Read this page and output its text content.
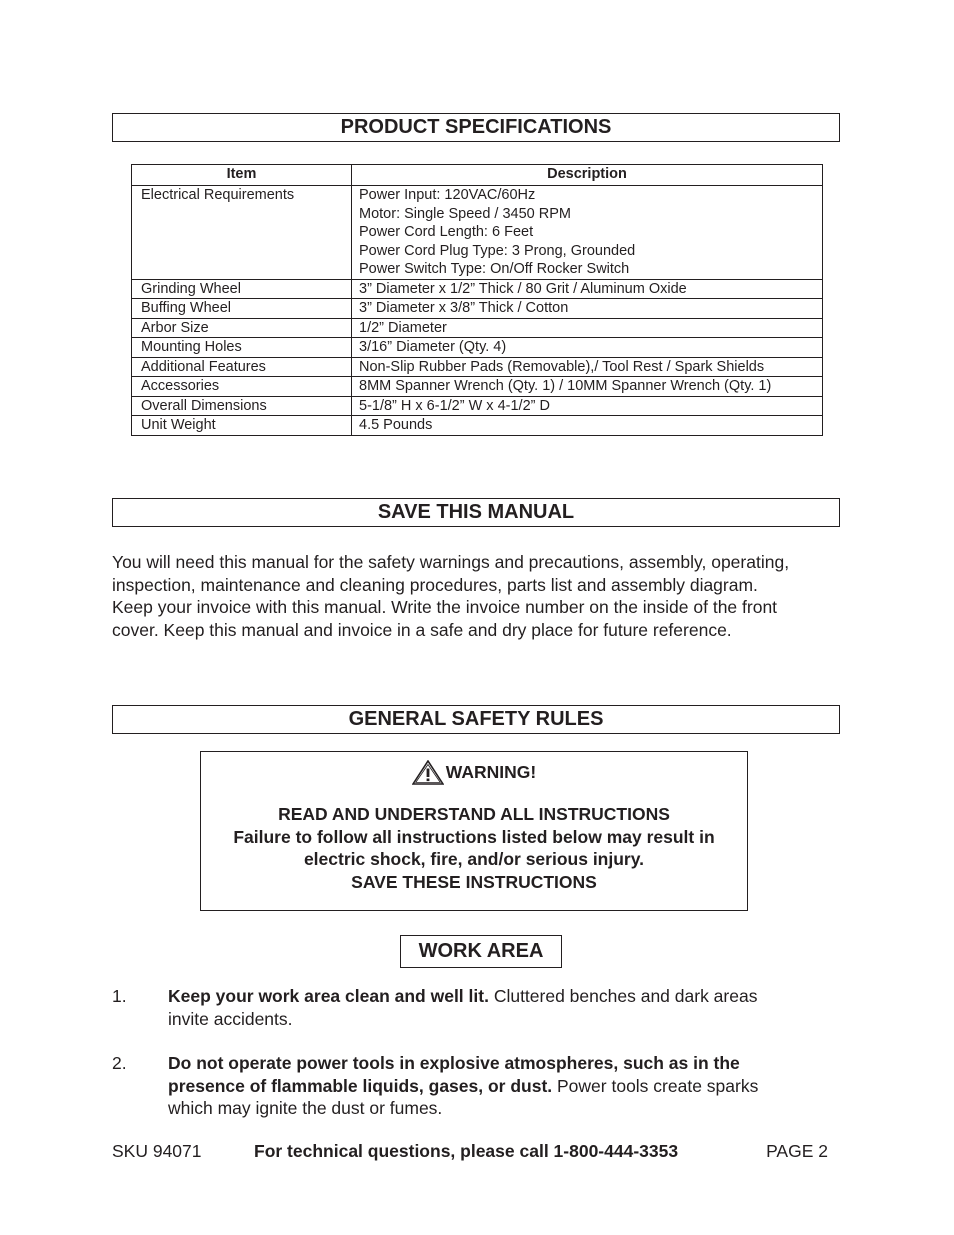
PRODUCT SPECIFICATIONS
Item	Description
Electrical Requirements	Power Input: 120VAC/60Hz
Motor: Single Speed / 3450 RPM
Power Cord Length: 6 Feet
Power Cord Plug Type: 3 Prong, Grounded
Power Switch Type: On/Off Rocker Switch

Grinding Wheel	3” Diameter x 1/2” Thick / 80 Grit / Aluminum Oxide

Buffing Wheel	3” Diameter x 3/8” Thick / Cotton

Arbor Size	1/2” Diameter

Mounting Holes	3/16” Diameter (Qty. 4)

Additional Features	Non-Slip Rubber Pads (Removable),/ Tool Rest / Spark Shields

Accessories	8MM Spanner Wrench (Qty. 1) / 10MM Spanner Wrench (Qty. 1)

Overall Dimensions	5-1/8” H x 6-1/2” W x 4-1/2” D

Unit Weight	4.5 Pounds
SAVE THIS MANUAL
You will need this manual for the safety warnings and precautions, assembly, operating,
inspection, maintenance and cleaning procedures, parts list and assembly diagram.
Keep your invoice with this manual. Write the invoice number on the inside of the front
cover. Keep this manual and invoice in a safe and dry place for future reference.
GENERAL SAFETY RULES
WARNING!
READ AND UNDERSTAND ALL INSTRUCTIONS
Failure to follow all instructions listed below may result in
electric shock, fire, and/or serious injury.
SAVE THESE INSTRUCTIONS
WORK AREA
1. Keep your work area clean and well lit. Cluttered benches and dark areas
invite accidents.
2. Do not operate power tools in explosive atmospheres, such as in the
presence of flammable liquids, gases, or dust. Power tools create sparks
which may ignite the dust or fumes.
SKU 94071	For technical questions, please call 1-800-444-3353	PAGE 2
